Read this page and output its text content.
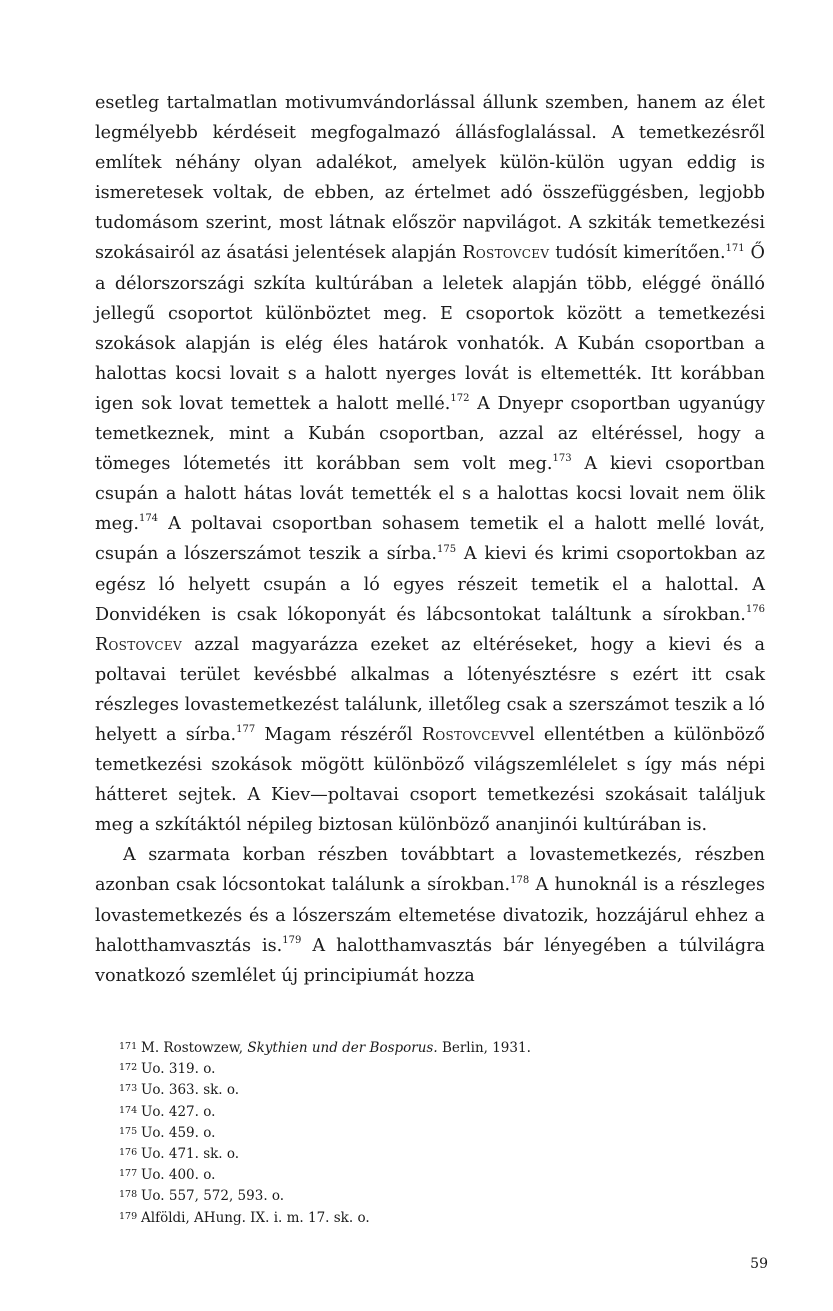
esetleg tartalmatlan motivumvándorlással állunk szemben, hanem az élet legmélyebb kérdéseit megfogalmazó állásfoglalással. A temetkezésről említek néhány olyan adalékot, amelyek külön-külön ugyan eddig is ismeretesek voltak, de ebben, az értelmet adó összefüggésben, legjobb tudomásom szerint, most látnak először napvilágot. A szkiták temetkezési szokásairól az ásatási jelentések alapján Rostovcev tudósít kimerítően.$^{171}$ Ő a délorszországi szkíta kultúrában a leletek alapján több, eléggé önálló jellegű csoportot különböztet meg. E csoportok között a temetkezési szokások alapján is elég éles határok vonhatók. A Kubán csoportban a halottas kocsi lovait s a halott nyerges lovát is eltemették. Itt korábban igen sok lovat temettek a halott mellé.$^{172}$ A Dnyepr csoportban ugyanúgy temetkeznek, mint a Kubán csoportban, azzal az eltéréssel, hogy a tömeges lótemetés itt korábban sem volt meg.$^{173}$ A kievi csoportban csupán a halott hátas lovát temették el s a halottas kocsi lovait nem ölik meg.$^{174}$ A poltavai csoportban sohasem temetik el a halott mellé lovát, csupán a lószerszámot teszik a sírba.$^{175}$ A kievi és krimi csoportokban az egész ló helyett csupán a ló egyes részeit temetik el a halottal. A Donvidéken is csak lókoponyát és lábcsontokat találtunk a sírokban.$^{176}$ Rostovcev azzal magyarázza ezeket az eltéréseket, hogy a kievi és a poltavai terület kevésbbé alkalmas a lótenyésztésre s ezért itt csak részleges lovastemetkezést találunk, illetőleg csak a szerszámot teszik a ló helyett a sírba.$^{177}$ Magam részéről Rostovcevvel ellentétben a különböző temetkezési szokások mögött különböző világszemlélelet s így más népi hátteret sejtek. A Kiev—poltavai csoport temetkezési szokásait találjuk meg a szkítáktól népileg biztosan különböző ananjinói kultúrában is.

A szarmata korban részben továbbtart a lovastemetkezés, részben azonban csak lócsontokat találunk a sírokban.$^{178}$ A hunoknál is a részleges lovastemetkezés és a lószerszám eltemetése divatozik, hozzájárul ehhez a halotthamvasztás is.$^{179}$ A halotthamvasztás bár lényegében a túlvilágra vonatkozó szemlélet új principiumát hozza

171 M. Rostowzew, Skythien und der Bosporus. Berlin, 1931.
172 Uo. 319. o.
173 Uo. 363. sk. o.
174 Uo. 427. o.
175 Uo. 459. o.
176 Uo. 471. sk. o.
177 Uo. 400. o.
178 Uo. 557, 572, 593. o.
179 Alföldi, AHung. IX. i. m. 17. sk. o.
59
